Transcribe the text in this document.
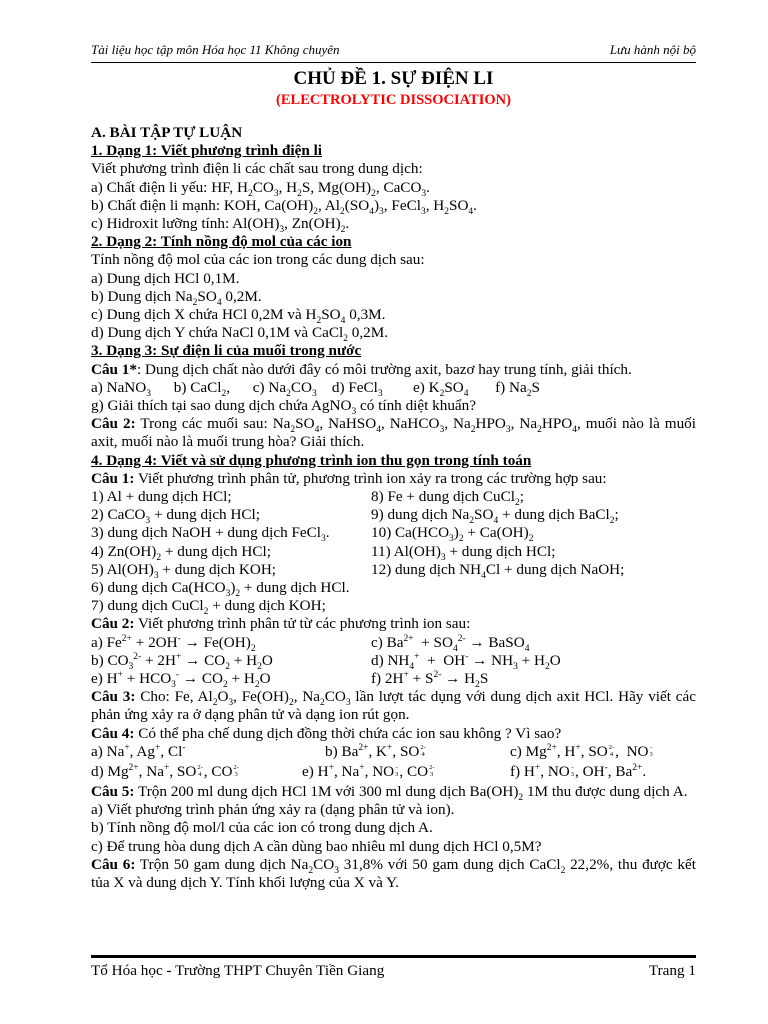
Tài liệu học tập môn Hóa học 11 Không chuyên	Lưu hành nội bộ
CHỦ ĐỀ 1. SỰ ĐIỆN LI
(ELECTROLYTIC DISSOCIATION)

A. BÀI TẬP TỰ LUẬN

1. Dạng 1: Viết phương trình điện li

Viết phương trình điện li các chất sau trong dung dịch:

a) Chất điện li yếu: HF, $H_2CO_3$, $H_2S$, $Mg(OH)_2$, CaCO$_3$.

b) Chất điện li mạnh: KOH, $Ca(OH)_2$, $Al_2(SO_4)_3$, FeCl$_3$, $H_2SO_4$.

c) Hidroxit lưỡng tính: $Al(OH)_3$, $Zn(OH)_2$.

2. Dạng 2: Tính nồng độ mol của các ion

Tính nồng độ mol của các ion trong các dung dịch sau:

a) Dung dịch HCl 0,1M.

b) Dung dịch $Na_2SO_4$ 0,2M.

c) Dung dịch X chứa HCl 0,2M và $H_2SO_4$ 0,3M.

d) Dung dịch Y chứa NaCl 0,1M và CaCl$_2$ 0,2M.

3. Dạng 3: Sự điện li của muối trong nước

Câu 1*: Dung dịch chất nào dưới đây có môi trường axit, bazơ hay trung tính, giải thích.

a) NaNO$_3$      b) CaCl$_2$,      c) $Na_2CO_3$    d) FeCl$_3$        e) $K_2SO_4$       f) $Na_2S$

g) Giải thích tại sao dung dịch chứa AgNO$_3$ có tính diệt khuẩn?

Câu 2: Trong các muối sau: $Na_2SO_4$, NaHSO$_4$, NaHCO$_3$, $Na_2HPO_3$, $Na_2HPO_4$, muối nào là muối axit, muối nào là muối trung hòa? Giải thích.

4. Dạng 4: Viết và sử dụng phương trình ion thu gọn trong tính toán

Câu 1: Viết phương trình phân tử, phương trình ion xảy ra trong các trường hợp sau:

1) Al + dung dịch HCl;	8) Fe + dung dịch CuCl$_2$;
2) CaCO$_3$ + dung dịch HCl;	9) dung dịch $Na_2SO_4$ + dung dịch BaCl$_2$;
3) dung dịch NaOH + dung dịch FeCl$_3$.	10) $Ca(HCO_3)_2 + Ca(OH)_2$
4) $Zn(OH)_2$ + dung dịch HCl;	11) $Al(OH)_3$ + dung dịch HCl;
5) $Al(OH)_3$ + dung dịch KOH;	12) dung dịch $NH_4Cl$ + dung dịch NaOH;

6) dung dịch $Ca(HCO_3)_2$ + dung dịch HCl.

7) dung dịch CuCl$_2$ + dung dịch KOH;

Câu 2: Viết phương trình phân tử từ các phương trình ion sau:

a) $Fe^{2+} + 2OH^- \to Fe(OH)_2$	c) $Ba^{2+} + SO_4^{2-}$ → BaSO$_4$
b) $CO_3^{2-} + 2H^+ \to CO_2 + H_2O$	d) $NH_4^+ + OH^- \to NH_3 + H_2O$
e) $H^+ + HCO_3^- \to CO_2 + H_2O$	f) $2H^+ + S^{2-} \to H_2S$

Câu 3: Cho: Fe, $Al_2O_3$, $Fe(OH)_2$, $Na_2CO_3$ lần lượt tác dụng với dung dịch axit HCl. Hãy viết các phản ứng xảy ra ở dạng phân tử và dạng ion rút gọn.

Câu 4: Có thể pha chế dung dịch đồng thời chứa các ion sau không ? Vì sao?

a) Na+, Ag+, Cl-	b) $Ba^{2+}$, K+, SO 2-
4	c) $Mg^{2+}$, H+, SO 2-
4 ,  NO -
3
d) $Mg^{2+}$, Na+, SO 2-
4 , CO 2-
3	e) H+, Na+, NO -
3 , CO 2-
3	f) H+, NO -
3 , OH-, $Ba^{2+}$.

Câu 5: Trộn 200 ml dung dịch HCl 1M với 300 ml dung dịch $Ba(OH)_2$ 1M thu được dung dịch A.

a) Viết phương trình phản ứng xảy ra (dạng phân tử và ion).

b) Tính nồng độ mol/l của các ion có trong dung dịch A.

c) Để trung hòa dung dịch A cần dùng bao nhiêu ml dung dịch HCl 0,5M?

Câu 6: Trộn 50 gam dung dịch $Na_2CO_3$ 31,8% với 50 gam dung dịch CaCl$_2$ 22,2%, thu được kết tủa X và dung dịch Y. Tính khối lượng của X và Y.

Tổ Hóa học - Trường THPT Chuyên Tiền Giang	Trang 1
